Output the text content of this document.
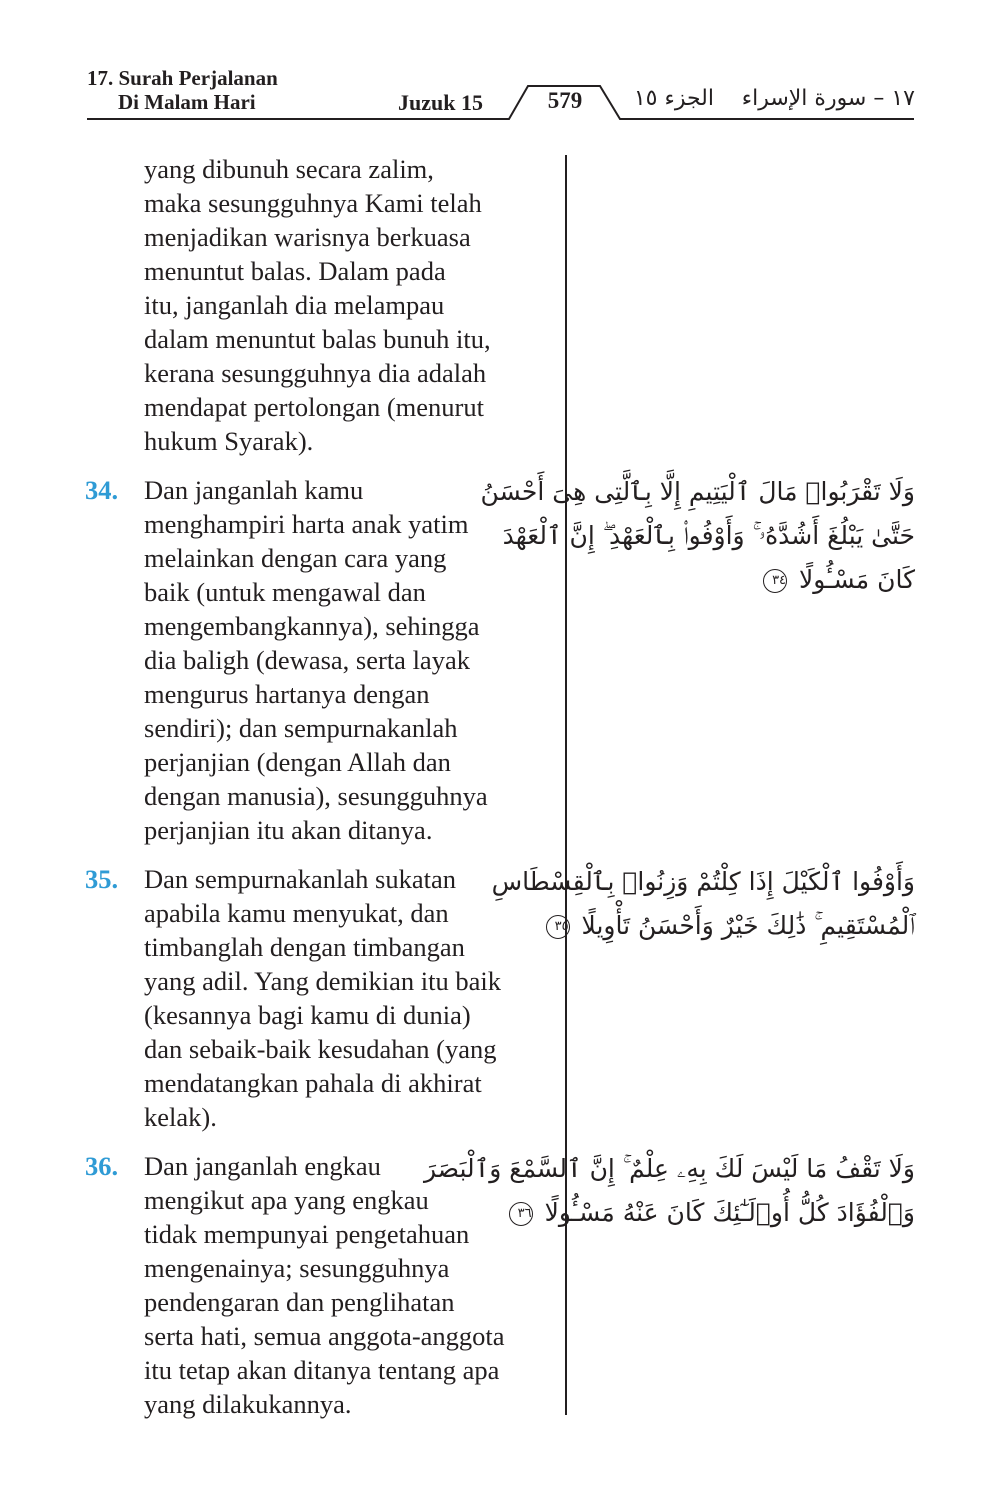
17. Surah Perjalanan
Di Malam Hari	Juzuk 15	579	الجزء ١٥	١٧ – سورة الإسراء

yang dibunuh secara zalim,

maka sesungguhnya Kami telah

menjadikan warisnya berkuasa

menuntut balas. Dalam pada

itu, janganlah dia melampau

dalam menuntut balas bunuh itu,

kerana sesungguhnya dia adalah

mendapat pertolongan (menurut

hukum Syarak).

34. Dan janganlah kamu

menghampiri harta anak yatim

melainkan dengan cara yang

baik (untuk mengawal dan

mengembangkannya), sehingga

dia baligh (dewasa, serta layak

mengurus hartanya dengan

sendiri); dan sempurnakanlah

perjanjian (dengan Allah dan

dengan manusia), sesungguhnya

perjanjian itu akan ditanya.

وَلَا تَقْرَبُوا۟ مَالَ ٱلْيَتِيمِ إِلَّا بِٱلَّتِى هِىَ أَحْسَنُ
حَتَّىٰ يَبْلُغَ أَشُدَّهُۥ ۚ وَأَوْفُوا۟ بِٱلْعَهْدِ ۖ إِنَّ ٱلْعَهْدَ
كَانَ مَسْـُٔولًا ٣٤
35. Dan sempurnakanlah sukatan

apabila kamu menyukat, dan

timbanglah dengan timbangan

yang adil. Yang demikian itu baik

(kesannya bagi kamu di dunia)

dan sebaik-baik kesudahan (yang

mendatangkan pahala di akhirat

kelak).

وَأَوْفُوا ٱلْكَيْلَ إِذَا كِلْتُمْ وَزِنُوا۟ بِٱلْقِسْطَاسِ
ٱلْمُسْتَقِيمِ ۚ ذَٰلِكَ خَيْرٌ وَأَحْسَنُ تَأْوِيلًا ٣٥
36. Dan janganlah engkau

mengikut apa yang engkau

tidak mempunyai pengetahuan

mengenainya; sesungguhnya

pendengaran dan penglihatan

serta hati, semua anggota-anggota

itu tetap akan ditanya tentang apa

yang dilakukannya.

وَلَا تَقْفُ مَا لَيْسَ لَكَ بِهِۦ عِلْمٌ ۚ إِنَّ ٱلسَّمْعَ وَٱلْبَصَرَ
وَٱلْفُؤَادَ كُلُّ أُو۟لَـٰٓئِكَ كَانَ عَنْهُ مَسْـُٔولًا ٣٦
